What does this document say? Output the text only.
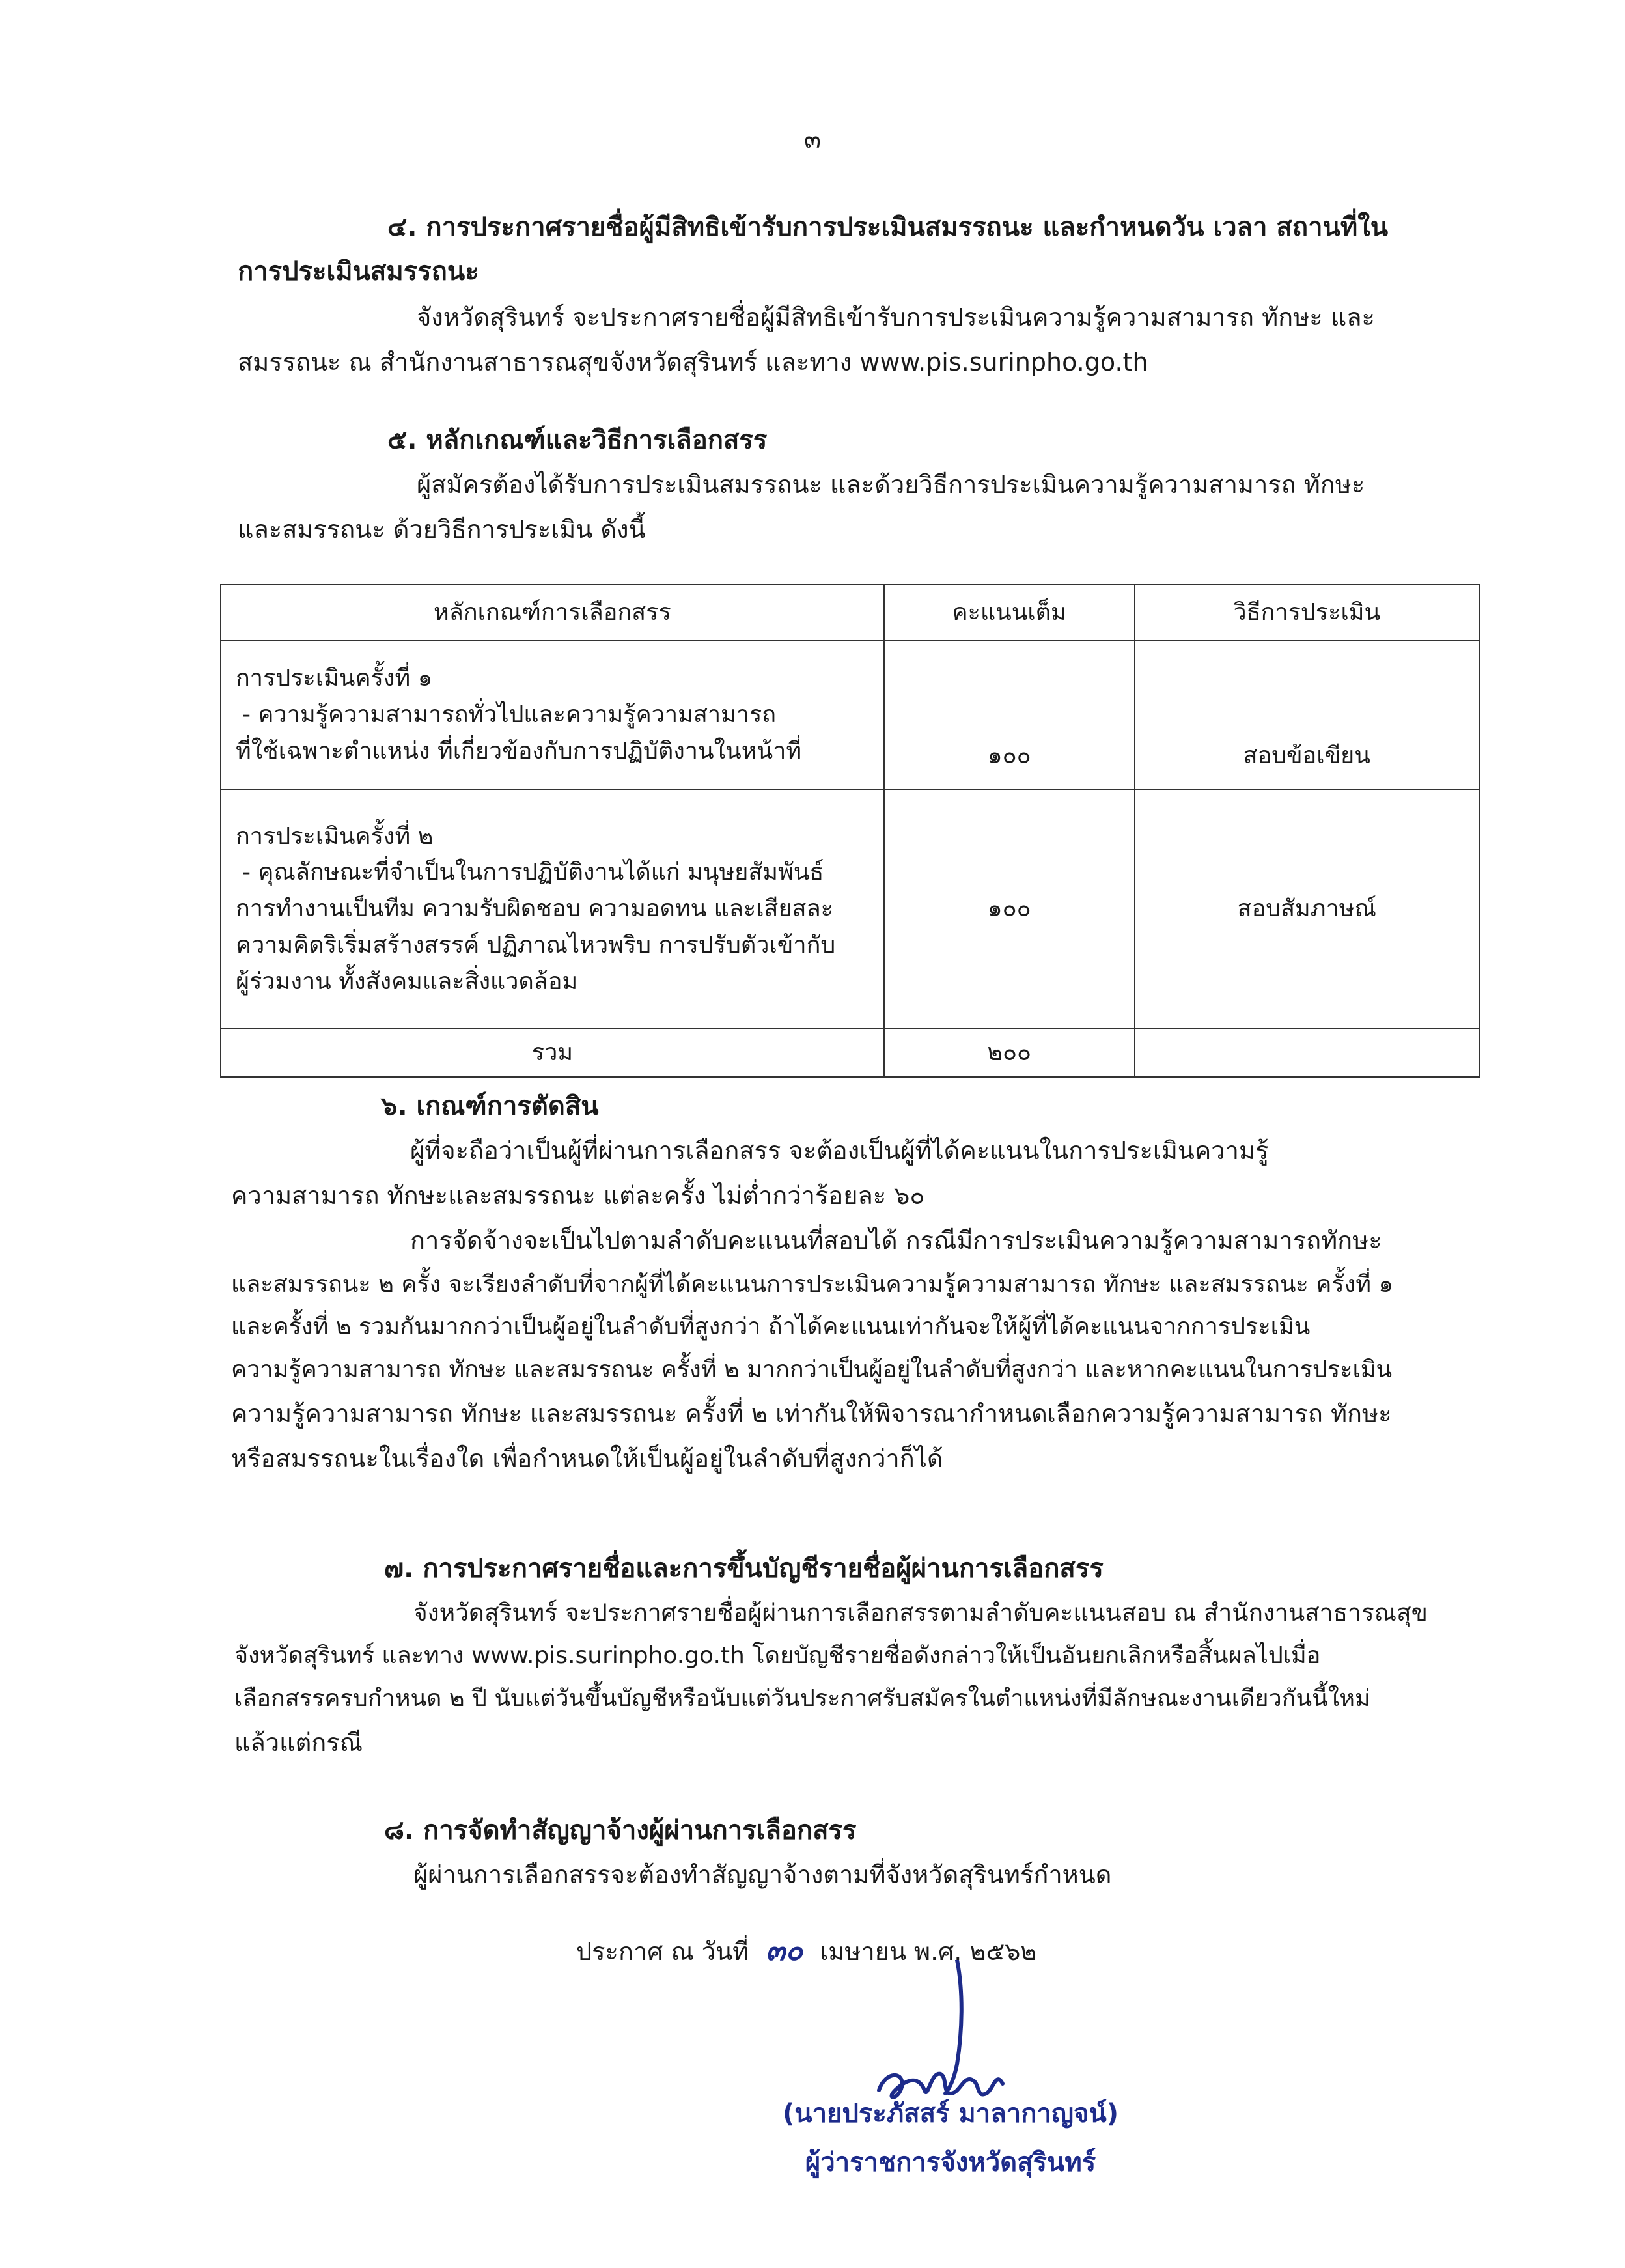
๓

๔. การประกาศรายชื่อผู้มีสิทธิเข้ารับการประเมินสมรรถนะ และกำหนดวัน เวลา สถานที่ใน

การประเมินสมรรถนะ

จังหวัดสุรินทร์ จะประกาศรายชื่อผู้มีสิทธิเข้ารับการประเมินความรู้ความสามารถ ทักษะ และ

สมรรถนะ ณ สำนักงานสาธารณสุขจังหวัดสุรินทร์ และทาง www.pis.surinpho.go.th

๕. หลักเกณฑ์และวิธีการเลือกสรร

ผู้สมัครต้องได้รับการประเมินสมรรถนะ และด้วยวิธีการประเมินความรู้ความสามารถ ทักษะ

และสมรรถนะ ด้วยวิธีการประเมิน ดังนี้

หลักเกณฑ์การเลือกสรร	คะแนนเต็ม	วิธีการประเมิน

การประเมินครั้งที่ ๑
- ความรู้ความสามารถทั่วไปและความรู้ความสามารถ
ที่ใช้เฉพาะตำแหน่ง ที่เกี่ยวข้องกับการปฏิบัติงานในหน้าที่	๑๐๐	สอบข้อเขียน

การประเมินครั้งที่ ๒
- คุณลักษณะที่จำเป็นในการปฏิบัติงานได้แก่ มนุษยสัมพันธ์
การทำงานเป็นทีม ความรับผิดชอบ ความอดทน และเสียสละ
ความคิดริเริ่มสร้างสรรค์ ปฏิภาณไหวพริบ การปรับตัวเข้ากับ
ผู้ร่วมงาน ทั้งสังคมและสิ่งแวดล้อม	๑๐๐	สอบสัมภาษณ์
รวม	๒๐๐	

๖. เกณฑ์การตัดสิน

ผู้ที่จะถือว่าเป็นผู้ที่ผ่านการเลือกสรร จะต้องเป็นผู้ที่ได้คะแนนในการประเมินความรู้

ความสามารถ ทักษะและสมรรถนะ แต่ละครั้ง ไม่ต่ำกว่าร้อยละ ๖๐

การจัดจ้างจะเป็นไปตามลำดับคะแนนที่สอบได้ กรณีมีการประเมินความรู้ความสามารถทักษะ

และสมรรถนะ ๒ ครั้ง จะเรียงลำดับที่จากผู้ที่ได้คะแนนการประเมินความรู้ความสามารถ ทักษะ และสมรรถนะ ครั้งที่ ๑

และครั้งที่ ๒ รวมกันมากกว่าเป็นผู้อยู่ในลำดับที่สูงกว่า ถ้าได้คะแนนเท่ากันจะให้ผู้ที่ได้คะแนนจากการประเมิน

ความรู้ความสามารถ ทักษะ และสมรรถนะ ครั้งที่ ๒ มากกว่าเป็นผู้อยู่ในลำดับที่สูงกว่า และหากคะแนนในการประเมิน

ความรู้ความสามารถ ทักษะ และสมรรถนะ ครั้งที่ ๒ เท่ากันให้พิจารณากำหนดเลือกความรู้ความสามารถ ทักษะ

หรือสมรรถนะในเรื่องใด เพื่อกำหนดให้เป็นผู้อยู่ในลำดับที่สูงกว่าก็ได้

๗. การประกาศรายชื่อและการขึ้นบัญชีรายชื่อผู้ผ่านการเลือกสรร

จังหวัดสุรินทร์ จะประกาศรายชื่อผู้ผ่านการเลือกสรรตามลำดับคะแนนสอบ ณ สำนักงานสาธารณสุข

จังหวัดสุรินทร์ และทาง www.pis.surinpho.go.th โดยบัญชีรายชื่อดังกล่าวให้เป็นอันยกเลิกหรือสิ้นผลไปเมื่อ

เลือกสรรครบกำหนด ๒ ปี นับแต่วันขึ้นบัญชีหรือนับแต่วันประกาศรับสมัครในตำแหน่งที่มีลักษณะงานเดียวกันนี้ใหม่

แล้วแต่กรณี

๘. การจัดทำสัญญาจ้างผู้ผ่านการเลือกสรร

ผู้ผ่านการเลือกสรรจะต้องทำสัญญาจ้างตามที่จังหวัดสุรินทร์กำหนด

ประกาศ ณ วันที่ ๓๐ เมษายน พ.ศ. ๒๕๖๒
(นายประภัสสร์ มาลากาญจน์)
ผู้ว่าราชการจังหวัดสุรินทร์
